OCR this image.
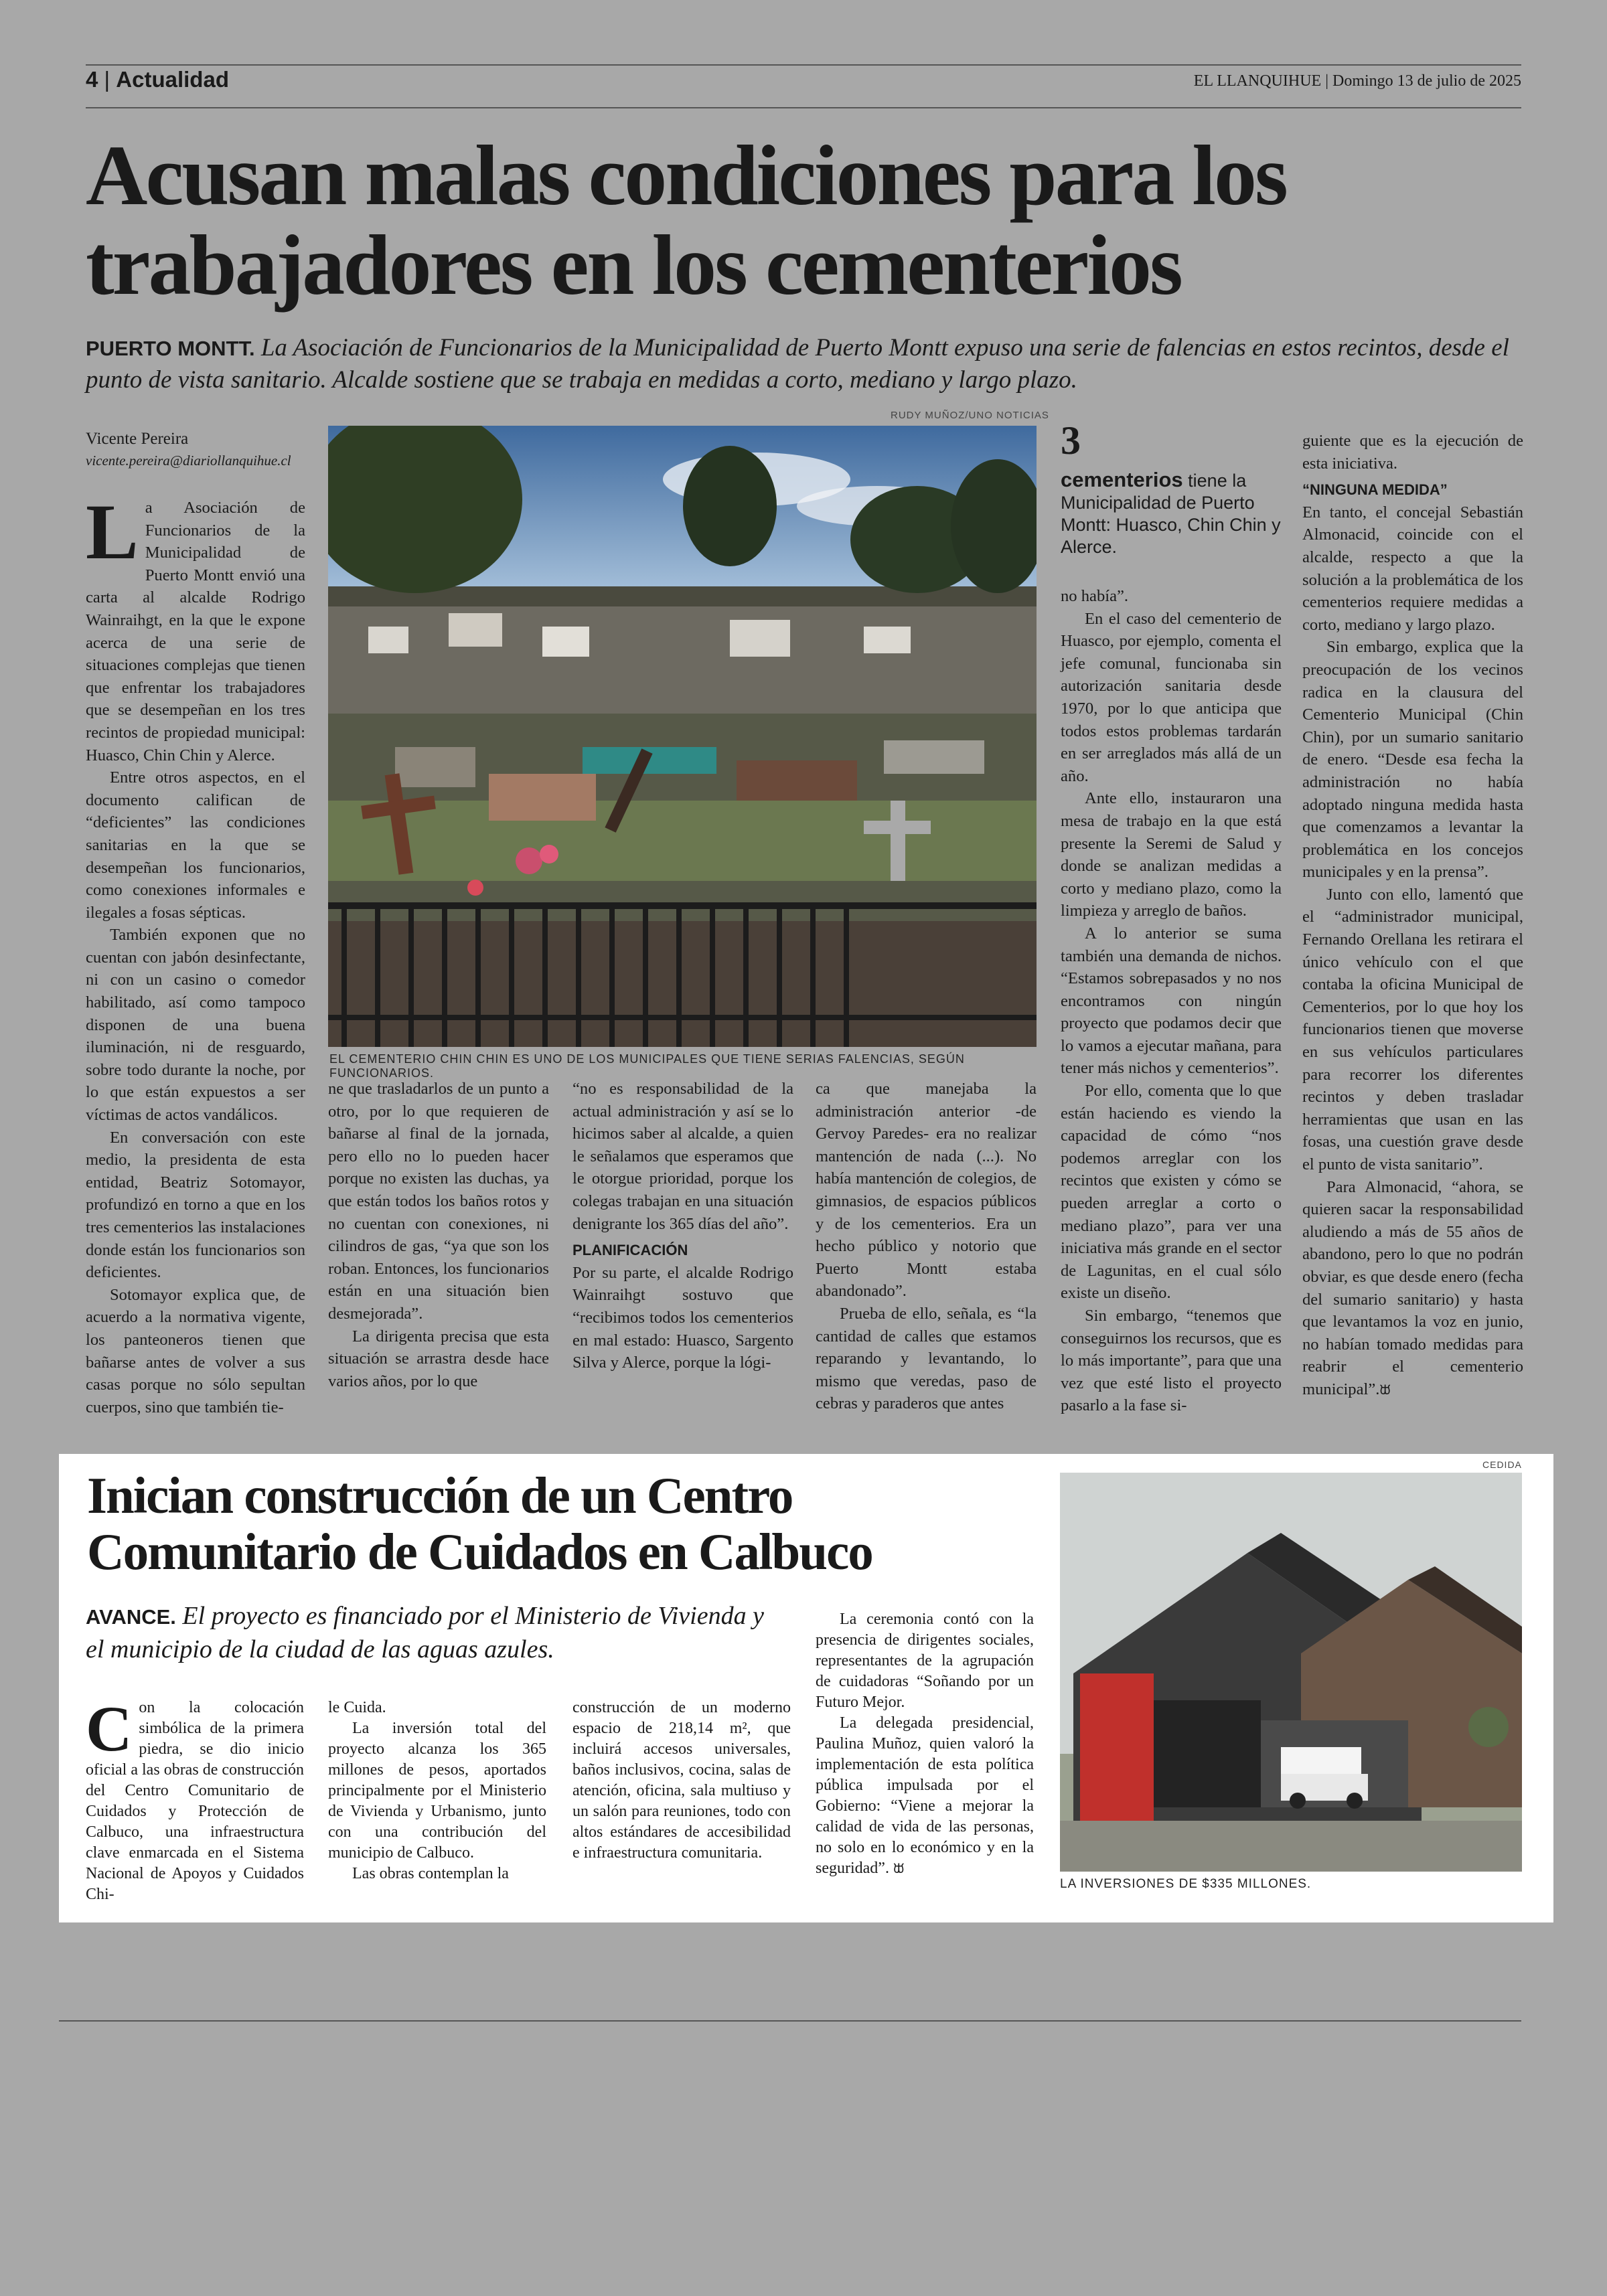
4 | Actualidad	EL LLANQUIHUE | Domingo 13 de julio de 2025
Acusan malas condiciones para los trabajadores en los cementerios
PUERTO MONTT. La Asociación de Funcionarios de la Municipalidad de Puerto Montt expuso una serie de falencias en estos recintos, desde el punto de vista sanitario. Alcalde sostiene que se trabaja en medidas a corto, mediano y largo plazo.
Vicente Pereira
vicente.pereira@diariollanquihue.cl

La Asociación de Funcionarios de la Municipalidad de Puerto Montt envió una carta al alcalde Rodrigo Wainraihgt, en la que le expone acerca de una serie de situaciones complejas que tienen que enfrentar los trabajadores que se desempeñan en los tres recintos de propiedad municipal: Huasco, Chin Chin y Alerce.

Entre otros aspectos, en el documento califican de “deficientes” las condiciones sanitarias en la que se desempeñan los funcionarios, como conexiones informales e ilegales a fosas sépticas.

También exponen que no cuentan con jabón desinfectante, ni con un casino o comedor habilitado, así como tampoco disponen de una buena iluminación, ni de resguardo, sobre todo durante la noche, por lo que están expuestos a ser víctimas de actos vandálicos.

En conversación con este medio, la presidenta de esta entidad, Beatriz Sotomayor, profundizó en torno a que en los tres cementerios las instalaciones donde están los funcionarios son deficientes.

Sotomayor explica que, de acuerdo a la normativa vigente, los panteoneros tienen que bañarse antes de volver a sus casas porque no sólo sepultan cuerpos, sino que también tie-

RUDY MUÑOZ/UNO NOTICIAS
EL CEMENTERIO CHIN CHIN ES UNO DE LOS MUNICIPALES QUE TIENE SERIAS FALENCIAS, SEGÚN FUNCIONARIOS.

ne que trasladarlos de un punto a otro, por lo que requieren de bañarse al final de la jornada, pero ello no lo pueden hacer porque no existen las duchas, ya que están todos los baños rotos y no cuentan con conexiones, ni cilindros de gas, “ya que son los roban. Entonces, los funcionarios están en una situación bien desmejorada”.

La dirigenta precisa que esta situación se arrastra desde hace varios años, por lo que

“no es responsabilidad de la actual administración y así se lo hicimos saber al alcalde, a quien le señalamos que esperamos que le otorgue prioridad, porque los colegas trabajan en una situación denigrante los 365 días del año”.

PLANIFICACIÓN

Por su parte, el alcalde Rodrigo Wainraihgt sostuvo que “recibimos todos los cementerios en mal estado: Huasco, Sargento Silva y Alerce, porque la lógi-

ca que manejaba la administración anterior -de Gervoy Paredes- era no realizar mantención de nada (...). No había mantención de colegios, de gimnasios, de espacios públicos y de los cementerios. Era un hecho público y notorio que Puerto Montt estaba abandonado”.

Prueba de ello, señala, es “la cantidad de calles que estamos reparando y levantando, lo mismo que veredas, paso de cebras y paraderos que antes

3
cementerios tiene la Municipalidad de Puerto Montt: Huasco, Chin Chin y Alerce.

no había”.

En el caso del cementerio de Huasco, por ejemplo, comenta el jefe comunal, funcionaba sin autorización sanitaria desde 1970, por lo que anticipa que todos estos problemas tardarán en ser arreglados más allá de un año.

Ante ello, instauraron una mesa de trabajo en la que está presente la Seremi de Salud y donde se analizan medidas a corto y mediano plazo, como la limpieza y arreglo de baños.

A lo anterior se suma también una demanda de nichos. “Estamos sobrepasados y no nos encontramos con ningún proyecto que podamos decir que lo vamos a ejecutar mañana, para tener más nichos y cementerios”.

Por ello, comenta que lo que están haciendo es viendo la capacidad de cómo “nos podemos arreglar con los recintos que existen y cómo se pueden arreglar a corto o mediano plazo”, para ver una iniciativa más grande en el sector de Lagunitas, en el cual sólo existe un diseño.

Sin embargo, “tenemos que conseguirnos los recursos, que es lo más importante”, para que una vez que esté listo el proyecto pasarlo a la fase si-

guiente que es la ejecución de esta iniciativa.

“NINGUNA MEDIDA”

En tanto, el concejal Sebastián Almonacid, coincide con el alcalde, respecto a que la solución a la problemática de los cementerios requiere medidas a corto, mediano y largo plazo.

Sin embargo, explica que la preocupación de los vecinos radica en la clausura del Cementerio Municipal (Chin Chin), por un sumario sanitario de enero. “Desde esa fecha la administración no había adoptado ninguna medida hasta que comenzamos a levantar la problemática en los concejos municipales y en la prensa”.

Junto con ello, lamentó que el “administrador municipal, Fernando Orellana les retirara el único vehículo con el que contaba la oficina Municipal de Cementerios, por lo que hoy los funcionarios tienen que moverse en sus vehículos particulares para recorrer los diferentes recintos y deben trasladar herramientas que usan en las fosas, una cuestión grave desde el punto de vista sanitario”.

Para Almonacid, “ahora, se quieren sacar la responsabilidad aludiendo a más de 55 años de abandono, pero lo que no podrán obviar, es que desde enero (fecha del sumario sanitario) y hasta que levantamos la voz en junio, no habían tomado medidas para reabrir el cementerio municipal”.ᙔ

Inician construcción de un Centro Comunitario de Cuidados en Calbuco
AVANCE. El proyecto es financiado por el Ministerio de Vivienda y el municipio de la ciudad de las aguas azules.

Con la colocación simbólica de la primera piedra, se dio inicio oficial a las obras de construcción del Centro Comunitario de Cuidados y Protección de Calbuco, una infraestructura clave enmarcada en el Sistema Nacional de Apoyos y Cuidados Chi-

le Cuida.

La inversión total del proyecto alcanza los 365 millones de pesos, aportados principalmente por el Ministerio de Vivienda y Urbanismo, junto con una contribución del municipio de Calbuco.

Las obras contemplan la

construcción de un moderno espacio de 218,14 m², que incluirá accesos universales, baños inclusivos, cocina, salas de atención, oficina, sala multiuso y un salón para reuniones, todo con altos estándares de accesibilidad e infraestructura comunitaria.

La ceremonia contó con la presencia de dirigentes sociales, representantes de la agrupación de cuidadoras “Soñando por un Futuro Mejor.

La delegada presidencial, Paulina Muñoz, quien valoró la implementación de esta política pública impulsada por el Gobierno: “Viene a mejorar la calidad de vida de las personas, no solo en lo económico y en la seguridad”. ᙔ

CEDIDA
LA INVERSIONES DE $335 MILLONES.
